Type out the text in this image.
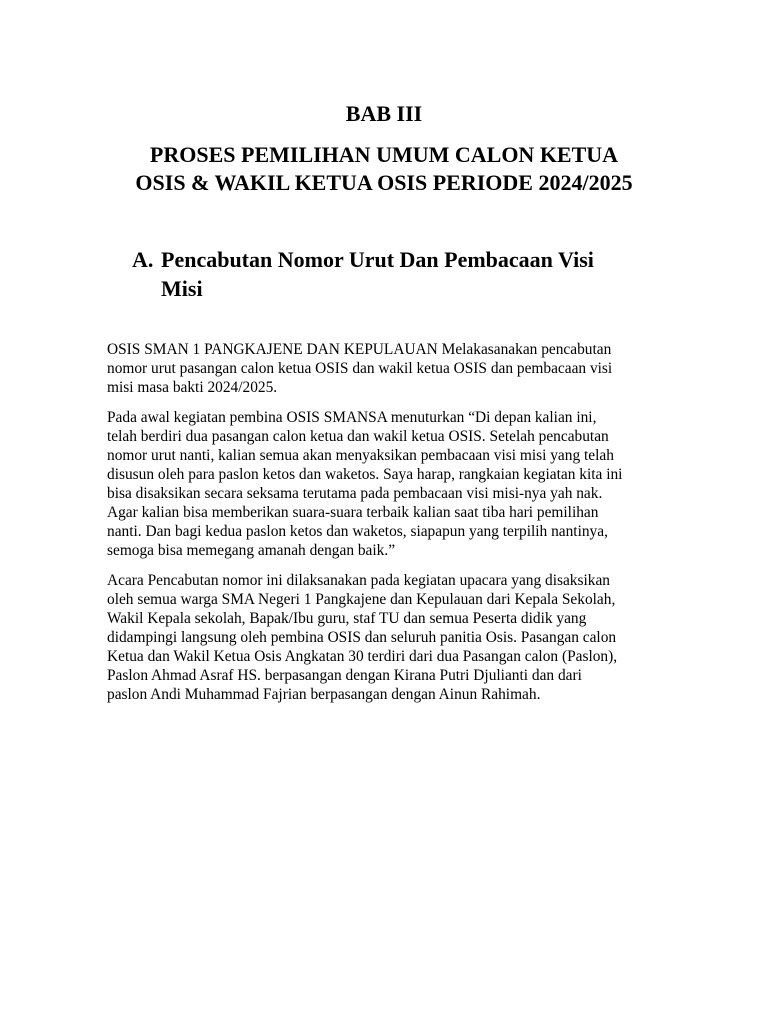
BAB III
PROSES PEMILIHAN UMUM CALON KETUA
OSIS & WAKIL KETUA OSIS PERIODE 2024/2025
A. Pencabutan Nomor Urut Dan Pembacaan Visi
Misi

OSIS SMAN 1 PANGKAJENE DAN KEPULAUAN Melakasanakan pencabutan
nomor urut pasangan calon ketua OSIS dan wakil ketua OSIS dan pembacaan visi
misi masa bakti 2024/2025.

Pada awal kegiatan pembina OSIS SMANSA menuturkan “Di depan kalian ini,
telah berdiri dua pasangan calon ketua dan wakil ketua OSIS. Setelah pencabutan
nomor urut nanti, kalian semua akan menyaksikan pembacaan visi misi yang telah
disusun oleh para paslon ketos dan waketos. Saya harap, rangkaian kegiatan kita ini
bisa disaksikan secara seksama terutama pada pembacaan visi misi-nya yah nak.
Agar kalian bisa memberikan suara-suara terbaik kalian saat tiba hari pemilihan
nanti. Dan bagi kedua paslon ketos dan waketos, siapapun yang terpilih nantinya,
semoga bisa memegang amanah dengan baik.”

Acara Pencabutan nomor ini dilaksanakan pada kegiatan upacara yang disaksikan
oleh semua warga SMA Negeri 1 Pangkajene dan Kepulauan dari Kepala Sekolah,
Wakil Kepala sekolah, Bapak/Ibu guru, staf TU dan semua Peserta didik yang
didampingi langsung oleh pembina OSIS dan seluruh panitia Osis. Pasangan calon
Ketua dan Wakil Ketua Osis Angkatan 30 terdiri dari dua Pasangan calon (Paslon),
Paslon Ahmad Asraf HS. berpasangan dengan Kirana Putri Djulianti dan dari
paslon Andi Muhammad Fajrian berpasangan dengan Ainun Rahimah.
